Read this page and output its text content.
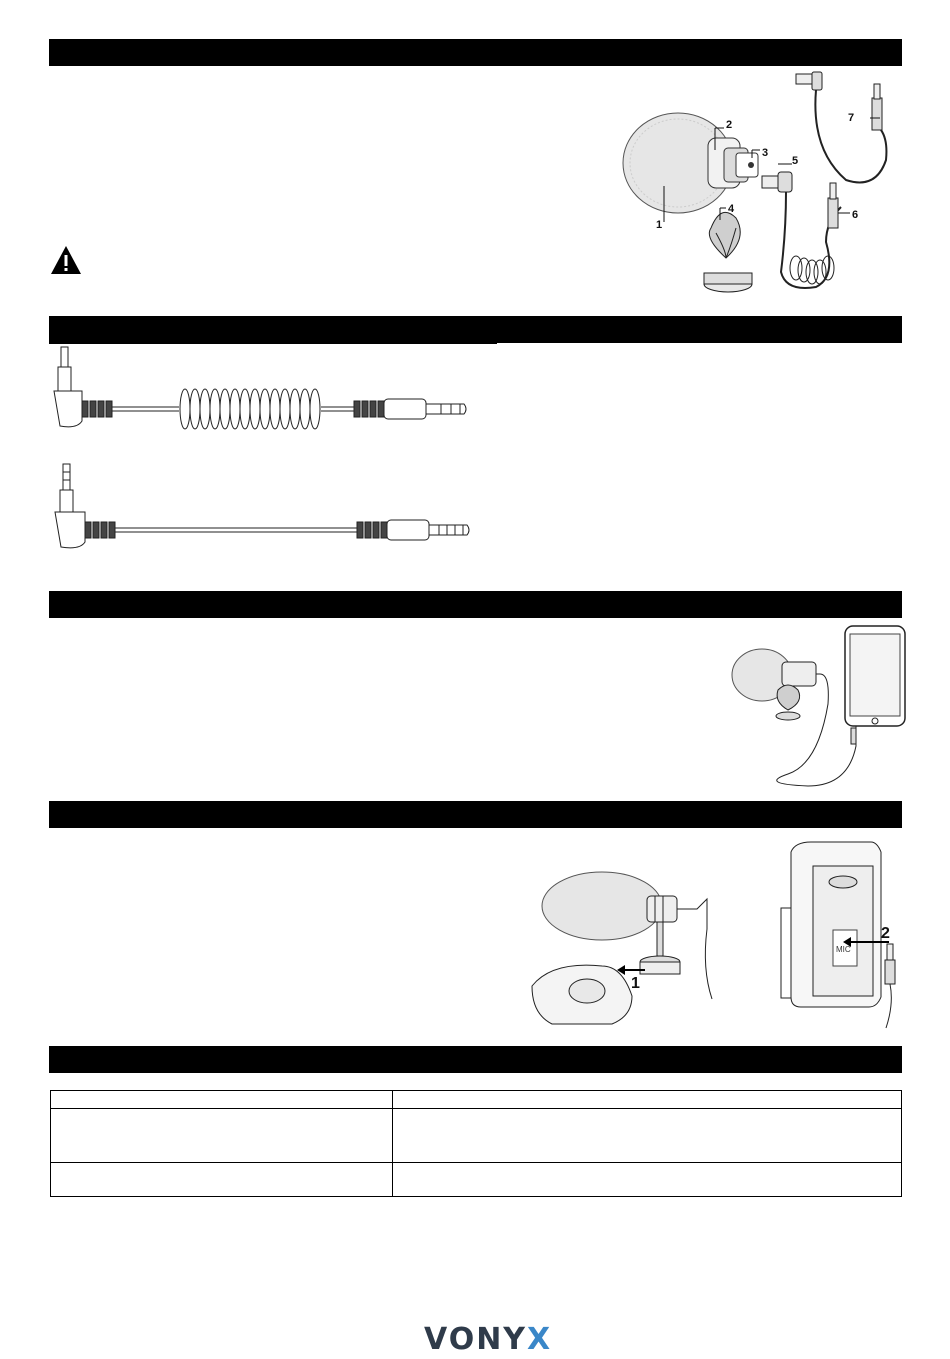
1
2
3
4
5
6
7
1
MIC
2

VONYX
